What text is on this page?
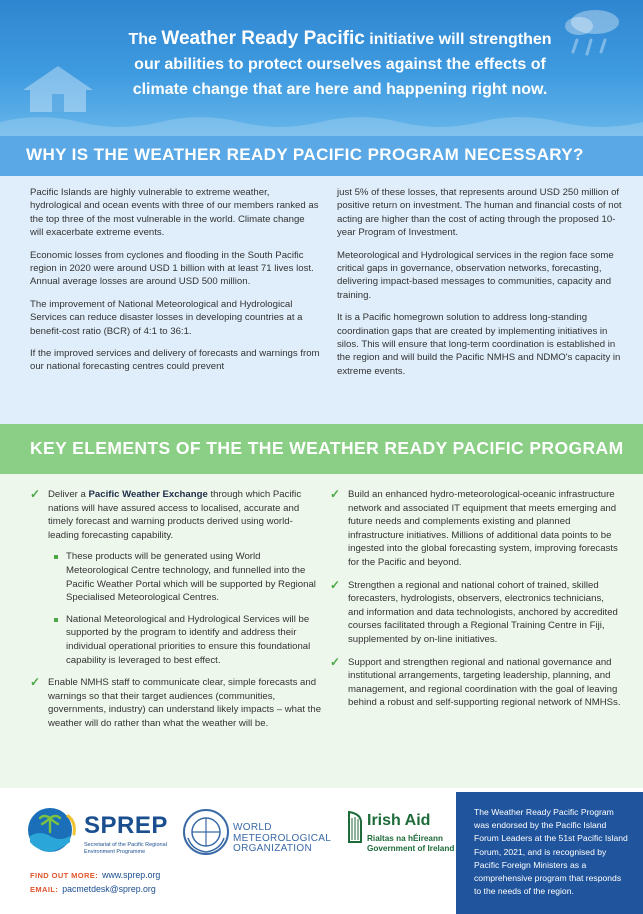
The Weather Ready Pacific initiative will strengthen
our abilities to protect ourselves against the effects of
climate change that are here and happening right now.
WHY IS THE WEATHER READY PACIFIC PROGRAM NECESSARY?

Pacific Islands are highly vulnerable to extreme weather, hydrological and ocean events with three of our members ranked as the top three of the most vulnerable in the world. Climate change will exacerbate extreme events.

Economic losses from cyclones and flooding in the South Pacific region in 2020 were around USD 1 billion with at least 71 lives lost. Annual average losses are around USD 500 million.

The improvement of National Meteorological and Hydrological Services can reduce disaster losses in developing countries at a benefit-cost ratio (BCR) of 4:1 to 36:1.

If the improved services and delivery of forecasts and warnings from our national forecasting centres could prevent

just 5% of these losses, that represents around USD 250 million of positive return on investment. The human and financial costs of not acting are higher than the cost of acting through the proposed 10-year Program of Investment.

Meteorological and Hydrological services in the region face some critical gaps in governance, observation networks, forecasting, delivering impact-based messages to communities, capacity and training.

It is a Pacific homegrown solution to address long-standing coordination gaps that are created by implementing initiatives in silos. This will ensure that long-term coordination is established in the region and will build the Pacific NMHS and NDMO's capacity in extreme events.

KEY ELEMENTS OF THE THE WEATHER READY PACIFIC PROGRAM
✓ Deliver a Pacific Weather Exchange through which Pacific nations will have assured access to localised, accurate and timely forecast and warning products derived using world-leading forecasting capability.
These products will be generated using World Meteorological Centre technology, and funnelled into the Pacific Weather Portal which will be supported by Regional Specialised Meteorological Centres.
National Meteorological and Hydrological Services will be supported by the program to identify and address their individual operational priorities to ensure this foundational capability is leveraged to best effect.
✓ Enable NMHS staff to communicate clear, simple forecasts and warnings so that their target audiences (communities, governments, industry) can understand likely impacts – what the weather will do rather than what the weather will be.
✓ Build an enhanced hydro-meteorological-oceanic infrastructure network and associated IT equipment that meets emerging and future needs and complements existing and planned infrastructure initiatives. Millions of additional data points to be ingested into the global forecasting system, improving forecasts for the Pacific and beyond.
✓ Strengthen a regional and national cohort of trained, skilled forecasters, hydrologists, observers, electronics technicians, and information and data technologists, anchored by accredited courses facilitated through a Regional Training Centre in Fiji, supplemented by on-line initiatives.
✓ Support and strengthen regional and national governance and institutional arrangements, targeting leadership, planning, and management, and regional coordination with the goal of leaving behind a robust and self-supporting regional network of NMHSs.
SPREP
Secretariat of the Pacific Regional Environment Programme
WORLD
METEOROLOGICAL
ORGANIZATION
Irish Aid
Rialtas na hÉireann
Government of Ireland
FIND OUT MORE: www.sprep.org
EMAIL: pacmetdesk@sprep.org
The Weather Ready Pacific Program was endorsed by the Pacific Island Forum Leaders at the 51st Pacific Island Forum, 2021, and is recognised by Pacific Foreign Ministers as a comprehensive program that responds to the needs of the region.
